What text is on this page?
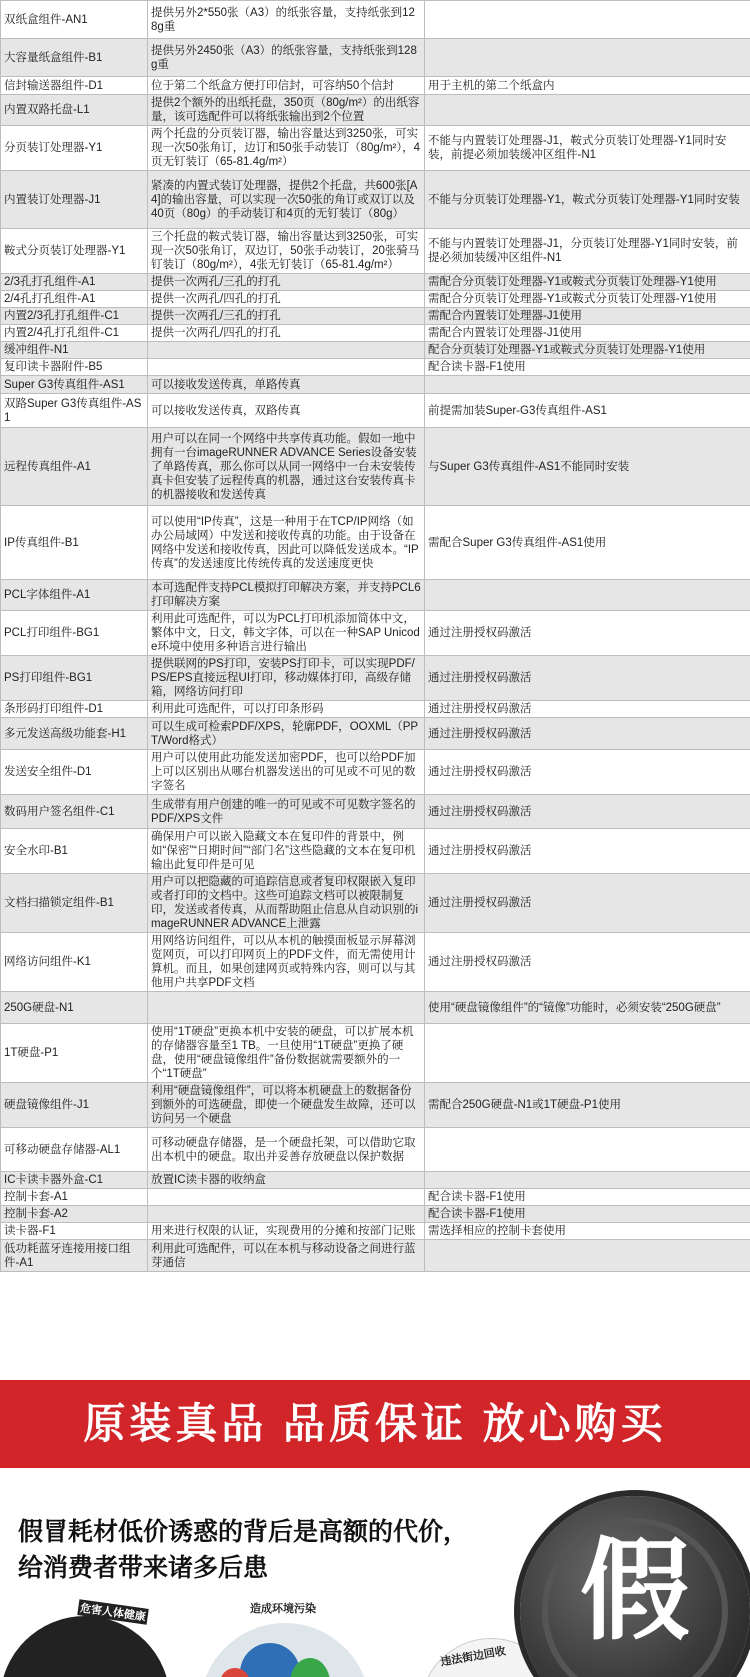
双纸盒组件-AN1	提供另外2*550张（A3）的纸张容量，支持纸张到128g重	
大容量纸盒组件-B1	提供另外2450张（A3）的纸张容量，支持纸张到128g重	
信封输送器组件-D1	位于第二个纸盒方便打印信封，可容纳50个信封	用于主机的第二个纸盒内
内置双路托盘-L1	提供2个额外的出纸托盘，350页（80g/m²）的出纸容量，该可选配件可以将纸张输出到2个位置	
分页装订处理器-Y1	两个托盘的分页装订器，输出容量达到3250张，可实现一次50张角订，边订和50张手动装订（80g/m²），4页无钉装订（65-81.4g/m²）	不能与内置装订处理器-J1，鞍式分页装订处理器-Y1同时安装，前提必须加装缓冲区组件-N1
内置装订处理器-J1	紧凑的内置式装订处理器，提供2个托盘，共600张[A4]的输出容量，可以实现一次50张的角订或双订以及40页（80g）的手动装订和4页的无钉装订（80g）	不能与分页装订处理器-Y1，鞍式分页装订处理器-Y1同时安装
鞍式分页装订处理器-Y1	三个托盘的鞍式装订器，输出容量达到3250张，可实现一次50张角订，双边订，50张手动装订，20张骑马钉装订（80g/m²），4张无钉装订（65-81.4g/m²）	不能与内置装订处理器-J1，分页装订处理器-Y1同时安装，前提必须加装缓冲区组件-N1
2/3孔打孔组件-A1	提供一次两孔/三孔的打孔	需配合分页装订处理器-Y1或鞍式分页装订处理器-Y1使用
2/4孔打孔组件-A1	提供一次两孔/四孔的打孔	需配合分页装订处理器-Y1或鞍式分页装订处理器-Y1使用
内置2/3孔打孔组件-C1	提供一次两孔/三孔的打孔	需配合内置装订处理器-J1使用
内置2/4孔打孔组件-C1	提供一次两孔/四孔的打孔	需配合内置装订处理器-J1使用
缓冲组件-N1		配合分页装订处理器-Y1或鞍式分页装订处理器-Y1使用
复印读卡器附件-B5		配合读卡器-F1使用
Super G3传真组件-AS1	可以接收发送传真，单路传真	
双路Super G3传真组件-AS1	可以接收发送传真，双路传真	前提需加装Super-G3传真组件-AS1
远程传真组件-A1	用户可以在同一个网络中共享传真功能。假如一地中拥有一台imageRUNNER ADVANCE Series设备安装了单路传真，那么你可以从同一网络中一台未安装传真卡但安装了远程传真的机器，通过这台安装传真卡的机器接收和发送传真	与Super G3传真组件-AS1不能同时安装
IP传真组件-B1	可以使用“IP传真”，这是一种用于在TCP/IP网络（如办公局域网）中发送和接收传真的功能。由于设备在网络中发送和接收传真，因此可以降低发送成本。“IP传真”的发送速度比传统传真的发送速度更快	需配合Super G3传真组件-AS1使用
PCL字体组件-A1	本可选配件支持PCL模拟打印解决方案，并支持PCL6打印解决方案	
PCL打印组件-BG1	利用此可选配件，可以为PCL打印机添加简体中文，繁体中文，日文，韩文字体，可以在一种SAP Unicode环境中使用多种语言进行输出	通过注册授权码激活
PS打印组件-BG1	提供联网的PS打印，安装PS打印卡，可以实现PDF/PS/EPS直接远程UI打印，移动媒体打印，高级存储箱，网络访问打印	通过注册授权码激活
条形码打印组件-D1	利用此可选配件，可以打印条形码	通过注册授权码激活
多元发送高级功能套-H1	可以生成可检索PDF/XPS，轮廓PDF，OOXML（PPT/Word格式）	通过注册授权码激活
发送安全组件-D1	用户可以使用此功能发送加密PDF，也可以给PDF加上可以区别出从哪台机器发送出的可见或不可见的数字签名	通过注册授权码激活
数码用户签名组件-C1	生成带有用户创建的唯一的可见或不可见数字签名的PDF/XPS文件	通过注册授权码激活
安全水印-B1	确保用户可以嵌入隐藏文本在复印件的背景中，例如“保密”“日期时间”“部门名”这些隐藏的文本在复印机输出此复印件是可见	通过注册授权码激活
文档扫描锁定组件-B1	用户可以把隐藏的可追踪信息或者复印权限嵌入复印或者打印的文档中。这些可追踪文档可以被限制复印，发送或者传真，从而帮助阻止信息从自动识别的imageRUNNER ADVANCE上泄露	通过注册授权码激活
网络访问组件-K1	用网络访问组件，可以从本机的触摸面板显示屏幕浏览网页，可以打印网页上的PDF文件，而无需使用计算机。而且，如果创建网页或特殊内容，则可以与其他用户共享PDF文档	通过注册授权码激活
250G硬盘-N1		使用“硬盘镜像组件”的“镜像”功能时，必须安装“250G硬盘”
1T硬盘-P1	使用“1T硬盘”更换本机中安装的硬盘，可以扩展本机的存储器容量至1 TB。一旦使用“1T硬盘”更换了硬盘，使用“硬盘镜像组件”备份数据就需要额外的一个“1T硬盘”	
硬盘镜像组件-J1	利用“硬盘镜像组件”，可以将本机硬盘上的数据备份到额外的可选硬盘，即使一个硬盘发生故障，还可以访问另一个硬盘	需配合250G硬盘-N1或1T硬盘-P1使用
可移动硬盘存储器-AL1	可移动硬盘存储器，是一个硬盘托架，可以借助它取出本机中的硬盘。取出并妥善存放硬盘以保护数据	
IC卡读卡器外盒-C1	放置IC读卡器的收纳盒	
控制卡套-A1		配合读卡器-F1使用
控制卡套-A2		配合读卡器-F1使用
读卡器-F1	用来进行权限的认证，实现费用的分摊和按部门记账	需选择相应的控制卡套使用
低功耗蓝牙连接用接口组件-A1	利用此可选配件，可以在本机与移动设备之间进行蓝芽通信	
原装真品 品质保证 放心购买
假冒耗材低价诱惑的背后是高额的代价，
给消费者带来诸多后患
危害人体健康	造成环境污染
违法街边回收
假
